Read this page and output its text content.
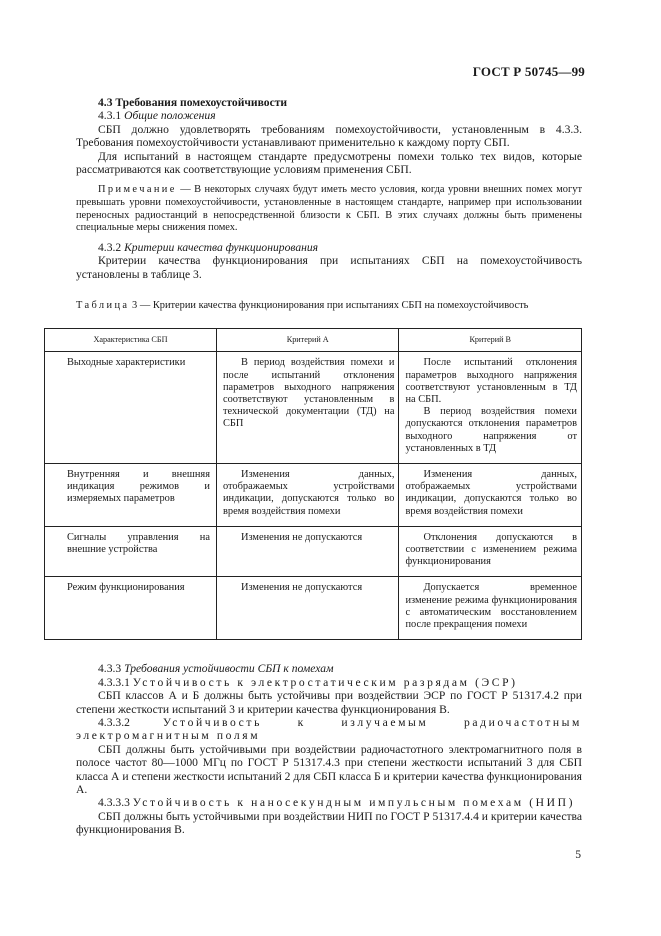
ГОСТ Р 50745—99

4.3 Требования помехоустойчивости

4.3.1 Общие положения

СБП должно удовлетворять требованиям помехоустойчивости, установленным в 4.3.3. Требования помехоустойчивости устанавливают применительно к каждому порту СБП.

Для испытаний в настоящем стандарте предусмотрены помехи только тех видов, которые рассматриваются как соответствующие условиям применения СБП.

Примечание — В некоторых случаях будут иметь место условия, когда уровни внешних помех могут превышать уровни помехоустойчивости, установленные в настоящем стандарте, например при использовании переносных радиостанций в непосредственной близости к СБП. В этих случаях должны быть применены специальные меры снижения помех.

4.3.2 Критерии качества функционирования

Критерии качества функционирования при испытаниях СБП на помехоустойчивость установлены в таблице 3.

Таблица 3 — Критерии качества функционирования при испытаниях СБП на помехоустойчивость

Характеристика СБП	Критерий А	Критерий В
Выходные характеристики	В период воздействия помехи и после испытаний отклонения параметров выходного напряжения соответствуют установленным в технической документации (ТД) на СБП	После испытаний отклонения параметров выходного напряжения соответствуют установленным в ТД на СБП.
В период воздействия помехи допускаются отклонения параметров выходного напряжения от установленных в ТД

Внутренняя и внешняя индикация режимов и измеряемых параметров	Изменения данных, отображаемых устройствами индикации, допускаются только во время воздействия помехи	Изменения данных, отображаемых устройствами индикации, допускаются только во время воздействия помехи
Сигналы управления на внешние устройства	Изменения не допускаются	Отклонения допускаются в соответствии с изменением режима функционирования
Режим функционирования	Изменения не допускаются	Допускается временное изменение режима функционирования с автоматическим восстановлением после прекращения помехи

4.3.3 Требования устойчивости СБП к помехам

4.3.3.1 Устойчивость к электростатическим разрядам (ЭСР)

СБП классов А и Б должны быть устойчивы при воздействии ЭСР по ГОСТ Р 51317.4.2 при степени жесткости испытаний 3 и критерии качества функционирования В.

4.3.3.2	Устойчивость к излучаемым радиочастотным электромагнитным полям

СБП должны быть устойчивыми при воздействии радиочастотного электромагнитного поля в полосе частот 80—1000 МГц по ГОСТ Р 51317.4.3 при степени жесткости испытаний 3 для СБП класса А и степени жесткости испытаний 2 для СБП класса Б и критерии качества функционирования А.

4.3.3.3 Устойчивость к наносекундным импульсным помехам (НИП)

СБП должны быть устойчивыми при воздействии НИП по ГОСТ Р 51317.4.4 и критерии качества функционирования В.

5
